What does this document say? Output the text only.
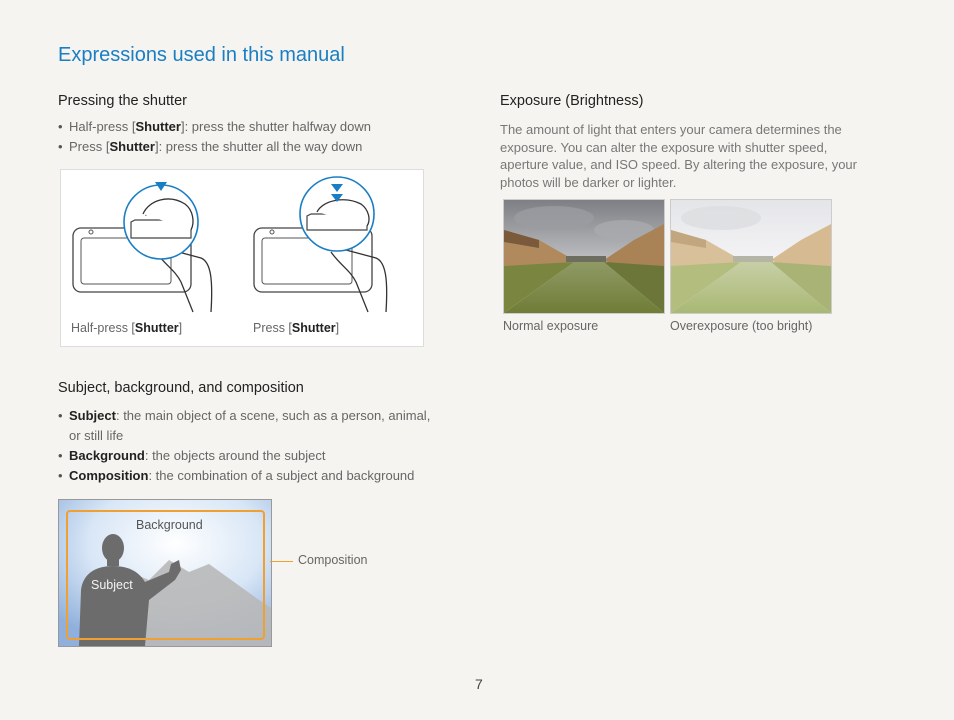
Expressions used in this manual
Pressing the shutter
• Half-press [Shutter]: press the shutter halfway down
• Press [Shutter]: press the shutter all the way down
Half-press [Shutter]	Press [Shutter]
Subject, background, and composition
• Subject: the main object of a scene, such as a person, animal,
or still life
• Background: the objects around the subject
• Composition: the combination of a subject and background
Background
Subject
Composition
Exposure (Brightness)
The amount of light that enters your camera determines the
exposure. You can alter the exposure with shutter speed,
aperture value, and ISO speed. By altering the exposure, your
photos will be darker or lighter.
Normal exposure	Overexposure (too bright)
7
